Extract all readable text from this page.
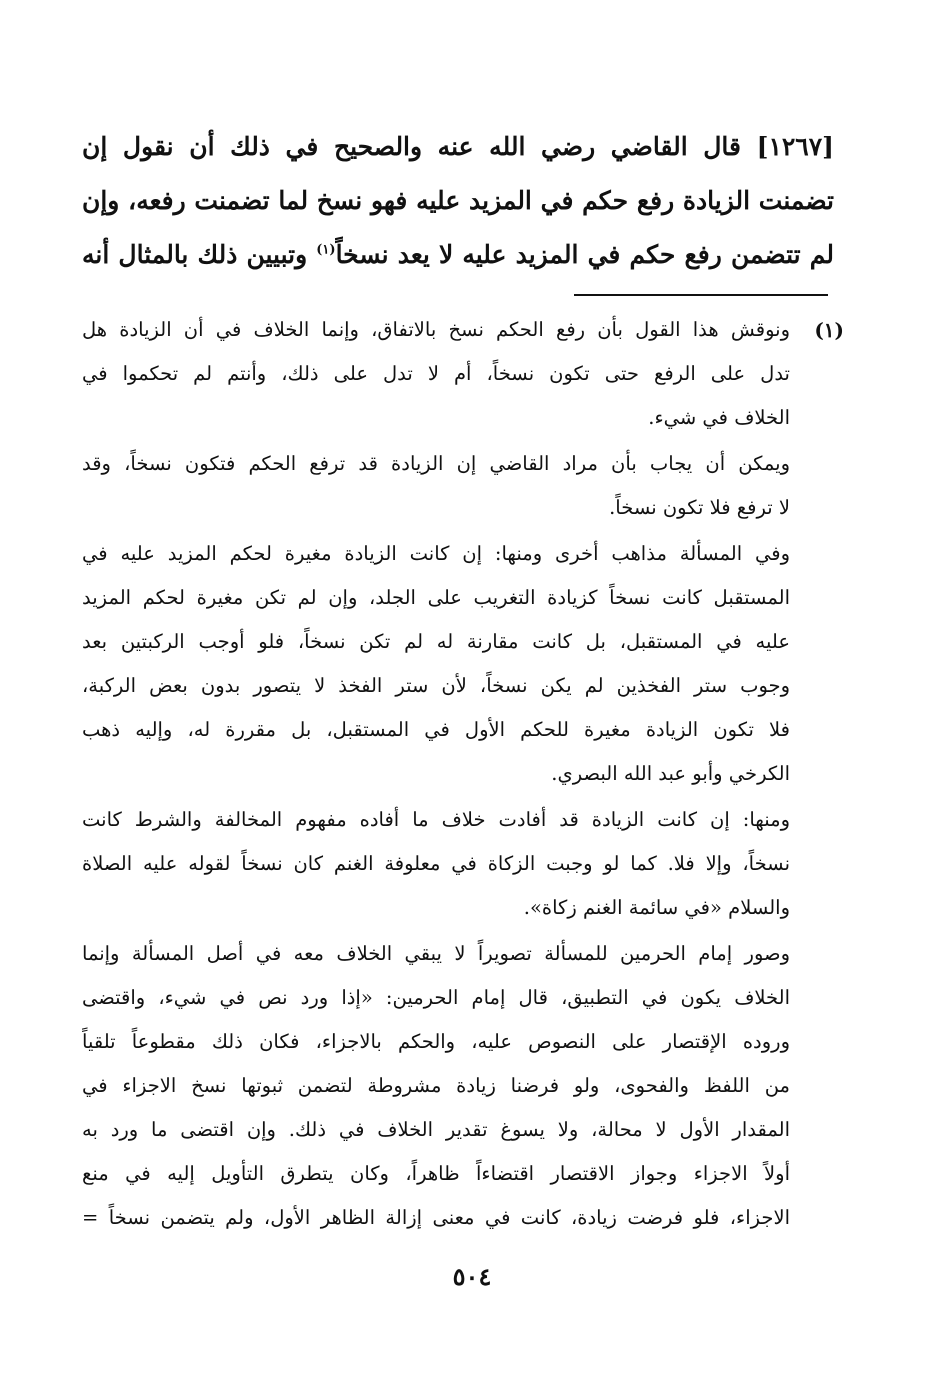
[١٢٦٧] قال القاضي رضي الله عنه والصحيح في ذلك أن نقول إن
تضمنت الزيادة رفع حكم في المزيد عليه فهو نسخ لما تضمنت رفعه، وإن
لم تتضمن رفع حكم في المزيد عليه لا يعد نسخاً$^{(١)}$ وتبيين ذلك بالمثال أنه
(١)
ونوقش هذا القول بأن رفع الحكم نسخ بالاتفاق، وإنما الخلاف في أن الزيادة هل
تدل على الرفع حتى تكون نسخاً، أم لا تدل على ذلك، وأنتم لم تحكموا في
الخلاف في شيء.
ويمكن أن يجاب بأن مراد القاضي إن الزيادة قد ترفع الحكم فتكون نسخاً، وقد
لا ترفع فلا تكون نسخاً.
وفي المسألة مذاهب أخرى ومنها: إن كانت الزيادة مغيرة لحكم المزيد عليه في
المستقبل كانت نسخاً كزيادة التغريب على الجلد، وإن لم تكن مغيرة لحكم المزيد
عليه في المستقبل، بل كانت مقارنة له لم تكن نسخاً، فلو أوجب الركبتين بعد
وجوب ستر الفخذين لم يكن نسخاً، لأن ستر الفخذ لا يتصور بدون بعض الركبة،
فلا تكون الزيادة مغيرة للحكم الأول في المستقبل، بل مقررة له، وإليه ذهب
الكرخي وأبو عبد الله البصري.
ومنها: إن كانت الزيادة قد أفادت خلاف ما أفاده مفهوم المخالفة والشرط كانت
نسخاً، وإلا فلا. كما لو وجبت الزكاة في معلوفة الغنم كان نسخاً لقوله عليه الصلاة
والسلام «في سائمة الغنم زكاة».
وصور إمام الحرمين للمسألة تصويراً لا يبقي الخلاف معه في أصل المسألة وإنما
الخلاف يكون في التطبيق، قال إمام الحرمين: «إذا ورد نص في شيء، واقتضى
وروده الإقتصار على النصوص عليه، والحكم بالاجزاء، فكان ذلك مقطوعاً تلقياً
من اللفظ والفحوى، ولو فرضنا زيادة مشروطة لتضمن ثبوتها نسخ الاجزاء في
المقدار الأول لا محالة، ولا يسوغ تقدير الخلاف في ذلك. وإن اقتضى ما ورد به
أولاً الاجزاء وجواز الاقتصار اقتضاءاً ظاهراً، وكان يتطرق التأويل إليه في منع
الاجزاء، فلو فرضت زيادة، كانت في معنى إزالة الظاهر الأول، ولم يتضمن نسخاً =
٥٠٤
